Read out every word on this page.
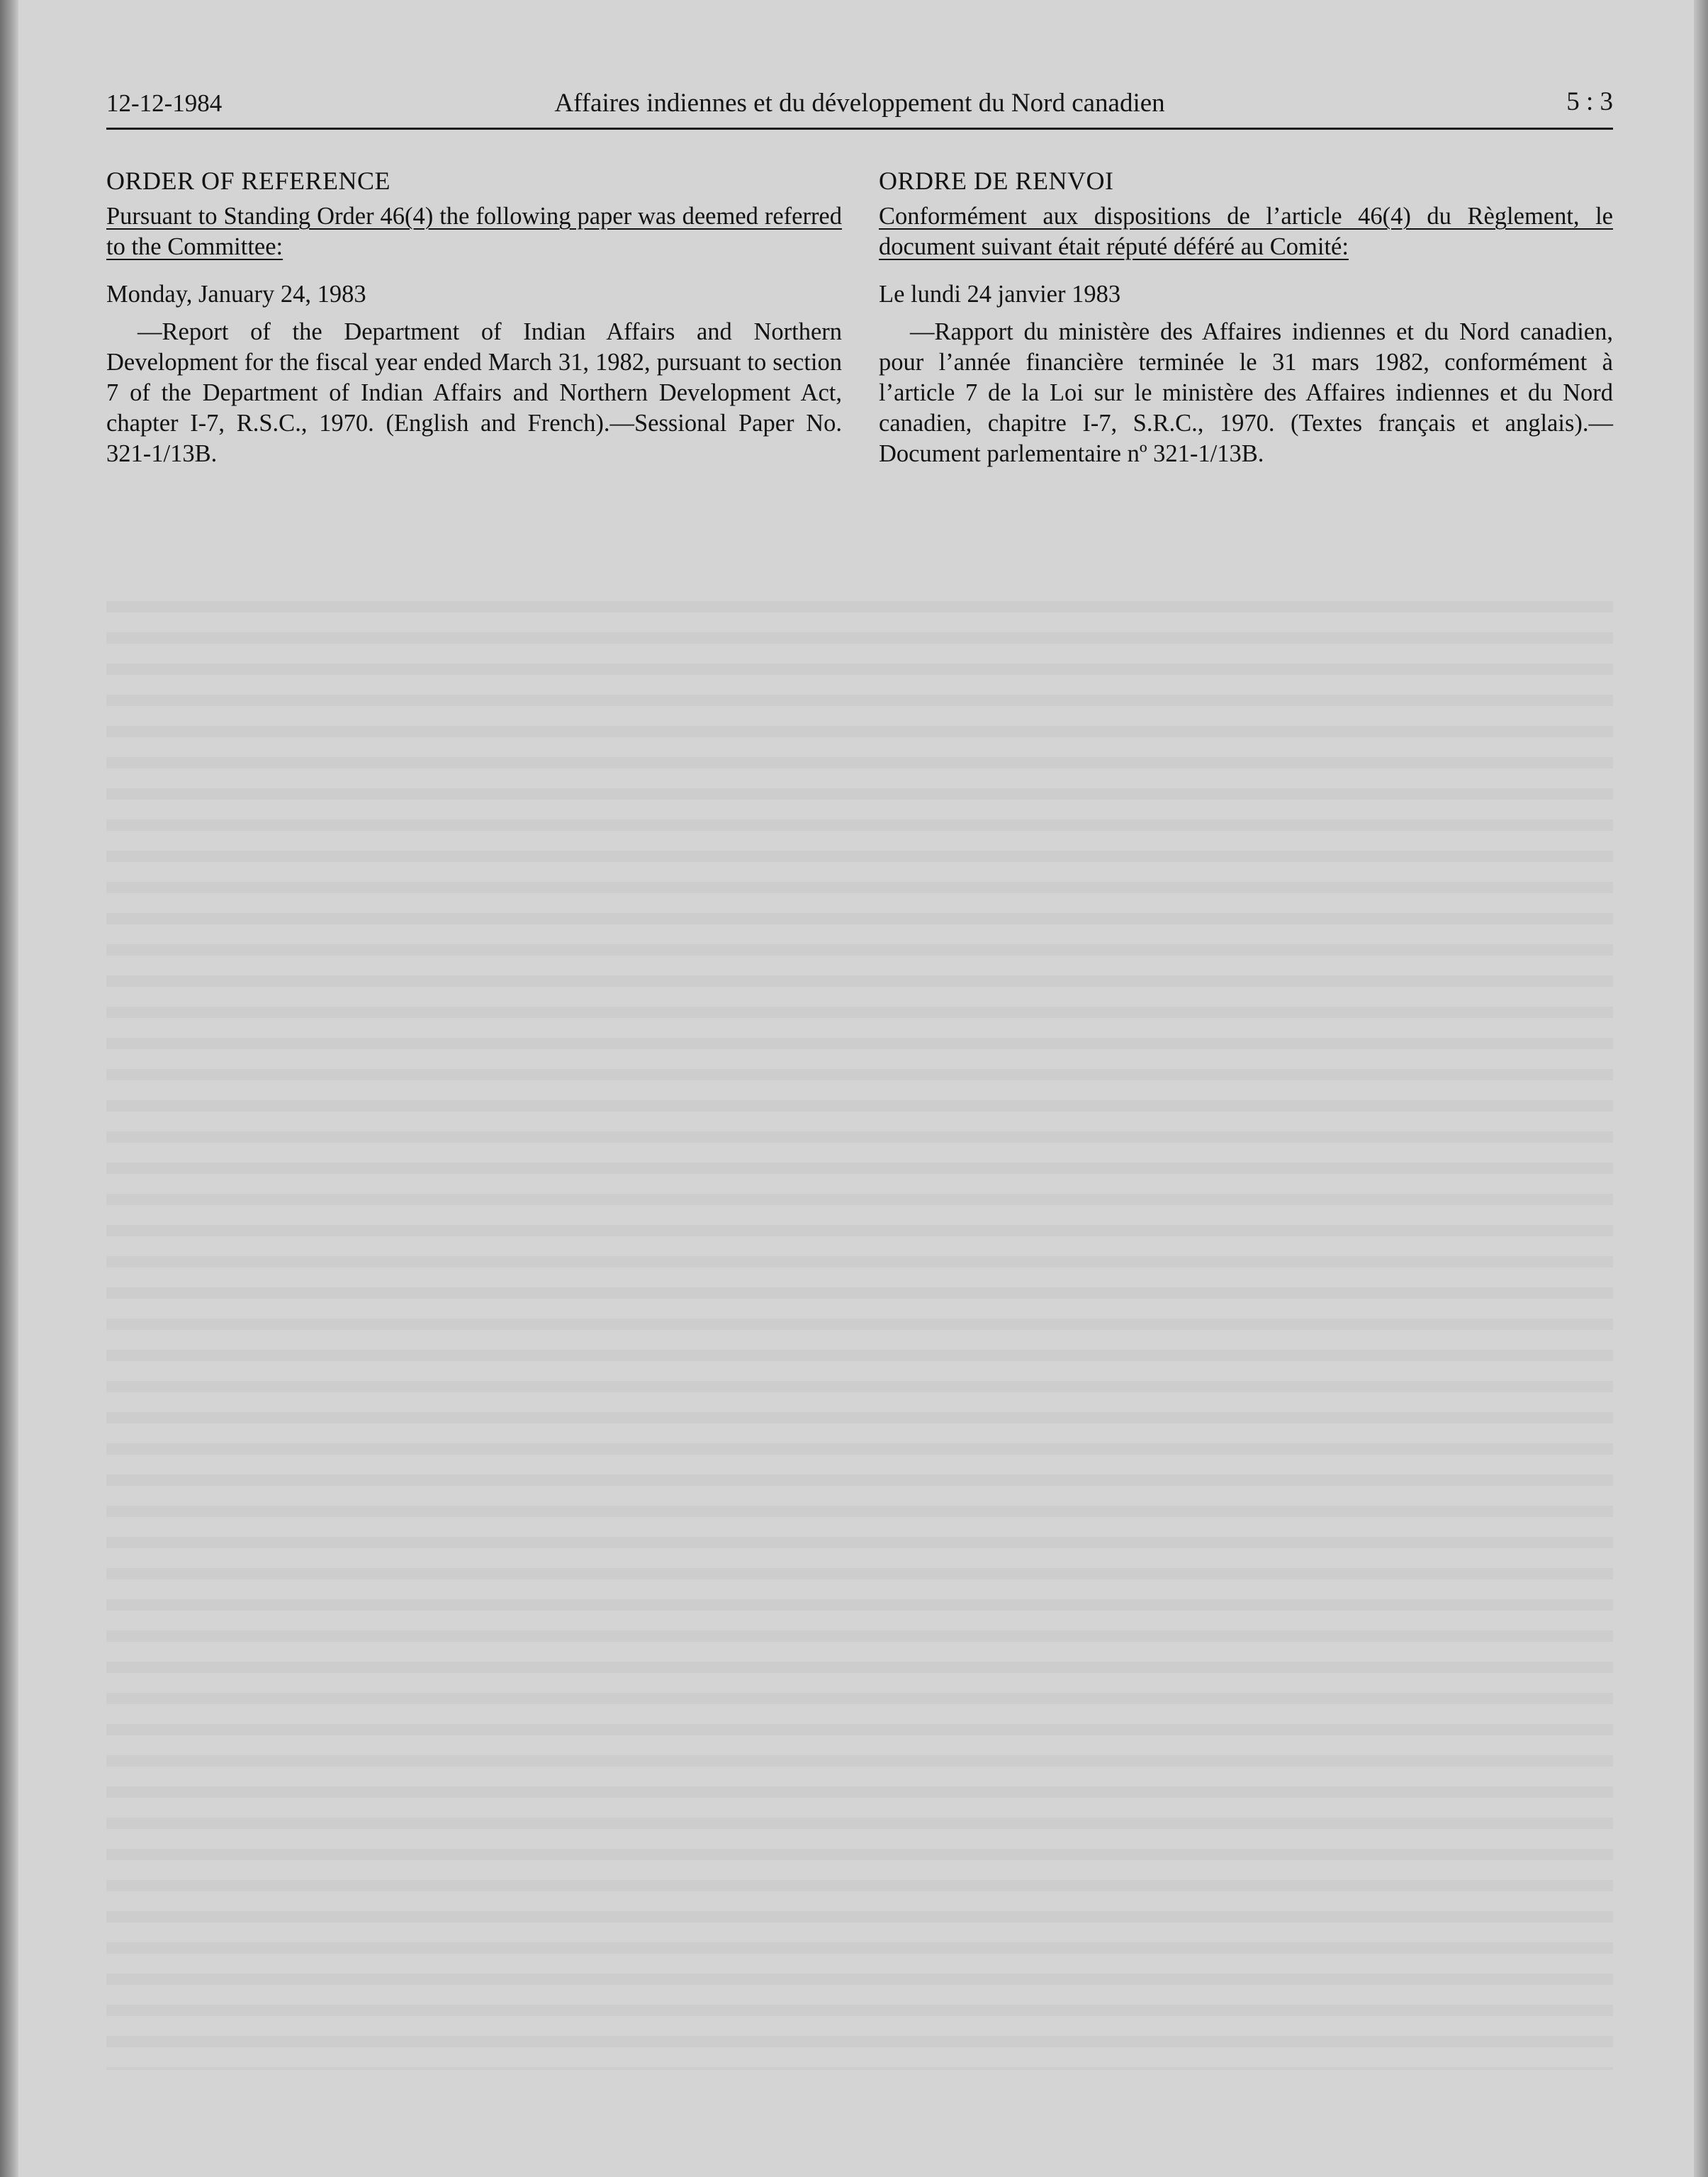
12-12-1984	Affaires indiennes et du développement du Nord canadien	5 : 3
ORDER OF REFERENCE

Pursuant to Standing Order 46(4) the following paper was deemed referred to the Committee:

Monday, January 24, 1983

—Report of the Department of Indian Affairs and Northern Development for the fiscal year ended March 31, 1982, pursuant to section 7 of the Department of Indian Affairs and Northern Development Act, chapter I-7, R.S.C., 1970. (English and French).—Sessional Paper No. 321-1/13B.

ORDRE DE RENVOI

Conformément aux dispositions de l’article 46(4) du Règlement, le document suivant était réputé déféré au Comité:

Le lundi 24 janvier 1983

—Rapport du ministère des Affaires indiennes et du Nord canadien, pour l’année financière terminée le 31 mars 1982, conformément à l’article 7 de la Loi sur le ministère des Affaires indiennes et du Nord canadien, chapitre I-7, S.R.C., 1970. (Textes français et anglais).—Document parlementaire nº 321-1/13B.
